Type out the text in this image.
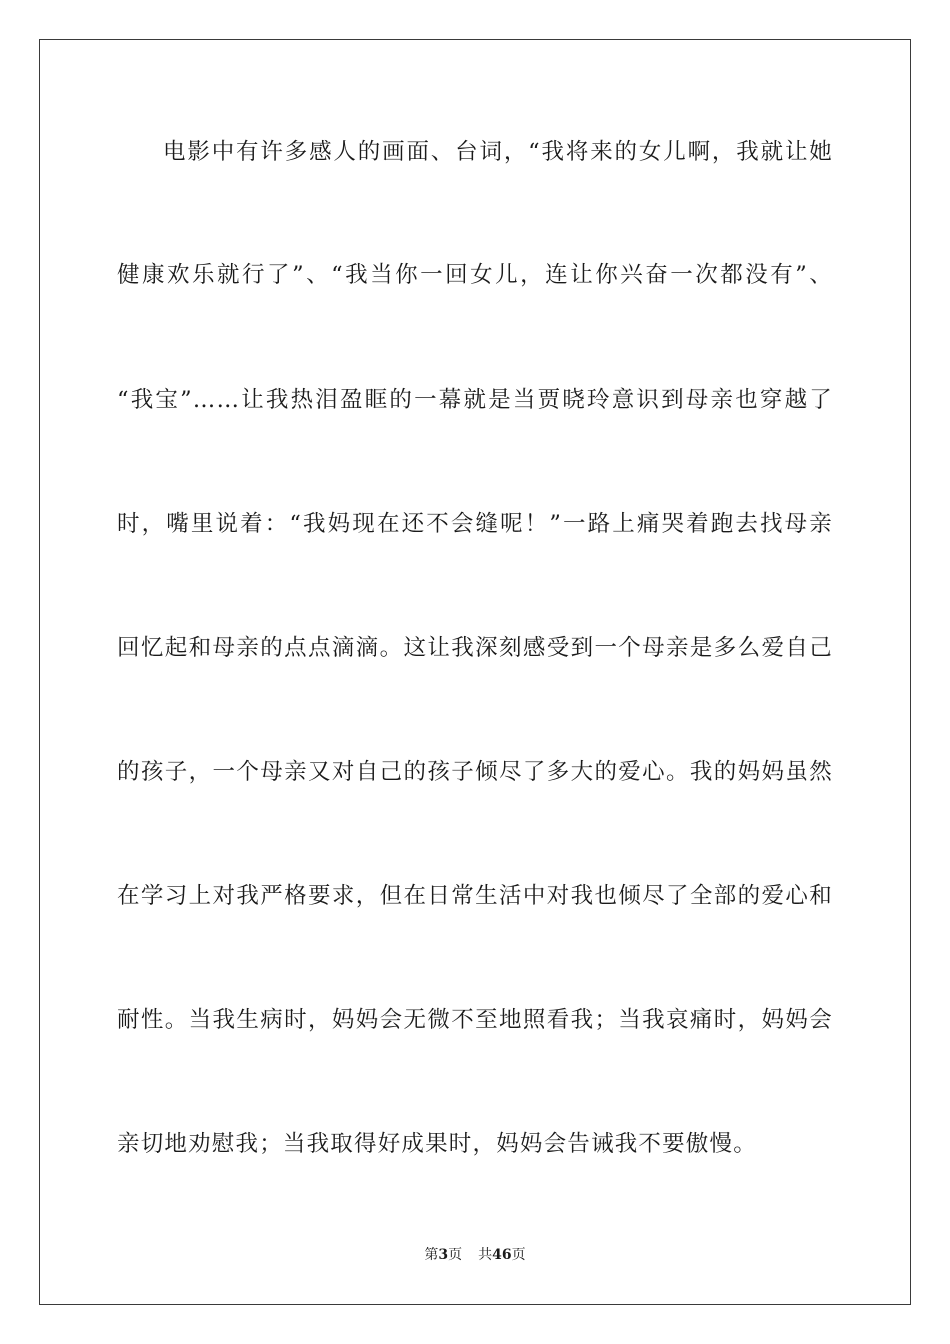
电影中有许多感人的画面、台词，“我将来的女儿啊，我就让她
健康欢乐就行了”、“我当你一回女儿，连让你兴奋一次都没有”、
“我宝”……让我热泪盈眶的一幕就是当贾晓玲意识到母亲也穿越了
时，嘴里说着：“我妈现在还不会缝呢！”一路上痛哭着跑去找母亲
回忆起和母亲的点点滴滴。这让我深刻感受到一个母亲是多么爱自己
的孩子，一个母亲又对自己的孩子倾尽了多大的爱心。我的妈妈虽然
在学习上对我严格要求，但在日常生活中对我也倾尽了全部的爱心和
耐性。当我生病时，妈妈会无微不至地照看我；当我哀痛时，妈妈会
亲切地劝慰我；当我取得好成果时，妈妈会告诫我不要傲慢。
第3页 共46页
